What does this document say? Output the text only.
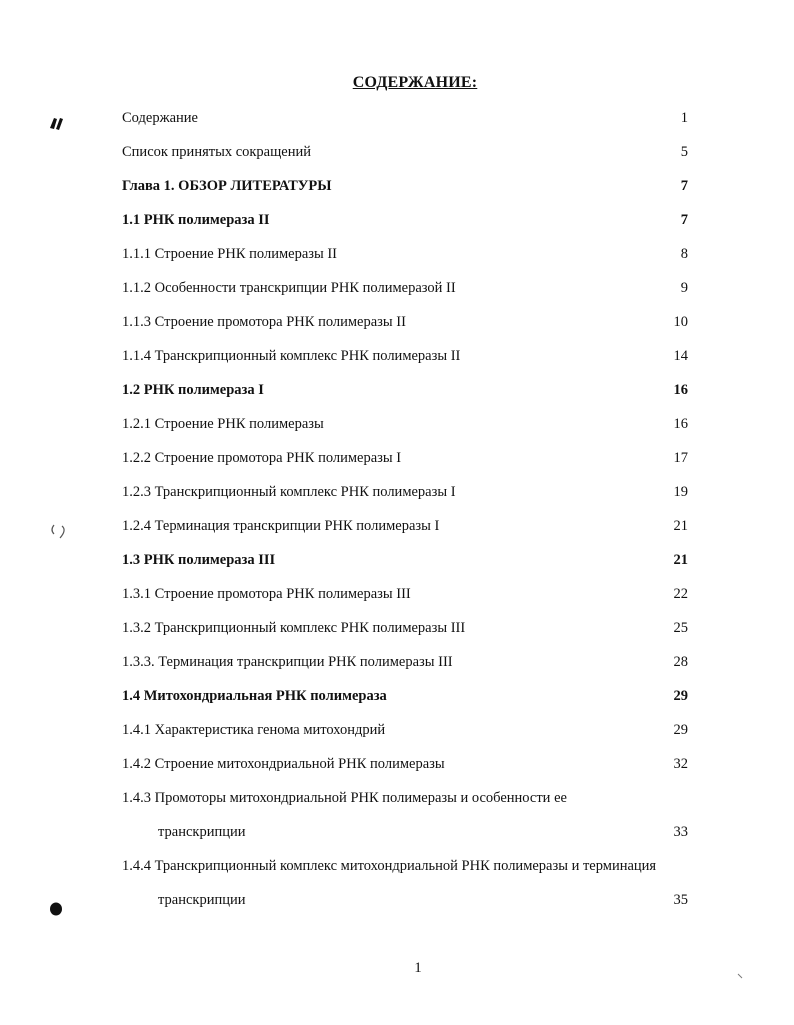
СОДЕРЖАНИЕ:
Содержание	1
Список принятых сокращений	5
Глава 1. ОБЗОР ЛИТЕРАТУРЫ	7
1.1 РНК полимераза II	7
1.1.1 Строение РНК полимеразы II	8
1.1.2 Особенности транскрипции РНК полимеразой II	9
1.1.3 Строение промотора РНК полимеразы II	10
1.1.4 Транскрипционный комплекс РНК полимеразы II	14
1.2 РНК полимераза I	16
1.2.1 Строение РНК полимеразы	16
1.2.2 Строение промотора РНК полимеразы I	17
1.2.3 Транскрипционный комплекс РНК полимеразы I	19
1.2.4 Терминация транскрипции РНК полимеразы I	21
1.3 РНК полимераза III	21
1.3.1 Строение промотора РНК полимеразы III	22
1.3.2 Транскрипционный комплекс РНК полимеразы III	25
1.3.3. Терминация транскрипции РНК полимеразы III	28
1.4 Митохондриальная РНК полимераза	29
1.4.1 Характеристика генома митохондрий	29
1.4.2 Строение митохондриальной РНК полимеразы	32
1.4.3 Промоторы митохондриальной РНК полимеразы и особенности ее
транскрипции	33
1.4.4 Транскрипционный комплекс митохондриальной РНК полимеразы и терминация
транскрипции	35
1
